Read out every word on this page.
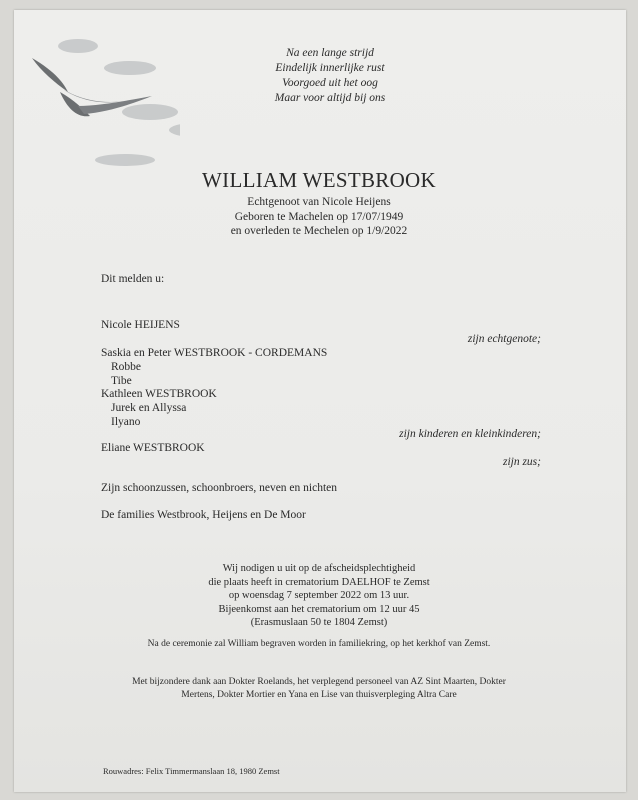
Na een lange strijd
Eindelijk innerlijke rust
Voorgoed uit het oog
Maar voor altijd bij ons
WILLIAM WESTBROOK
Echtgenoot van Nicole Heijens
Geboren te Machelen op 17/07/1949
en overleden te Mechelen op 1/9/2022
Dit melden u:
Nicole HEIJENS
zijn echtgenote;
Saskia en Peter WESTBROOK - CORDEMANS
Robbe
Tibe
Kathleen WESTBROOK
Jurek en Allyssa
Ilyano
zijn kinderen en kleinkinderen;
Eliane WESTBROOK
zijn zus;
Zijn schoonzussen, schoonbroers, neven en nichten
De families Westbrook, Heijens en De Moor
Wij nodigen u uit op de afscheidsplechtigheid
die plaats heeft in crematorium DAELHOF te Zemst
op woensdag 7 september 2022 om 13 uur.
Bijeenkomst aan het crematorium om 12 uur 45
(Erasmuslaan 50 te 1804 Zemst)
Na de ceremonie zal William begraven worden in familiekring, op het kerkhof van Zemst.
Met bijzondere dank aan Dokter Roelands, het verplegend personeel van AZ Sint Maarten, Dokter
Mertens, Dokter Mortier en Yana en Lise van thuisverpleging Altra Care
Rouwadres: Felix Timmermanslaan 18, 1980 Zemst
